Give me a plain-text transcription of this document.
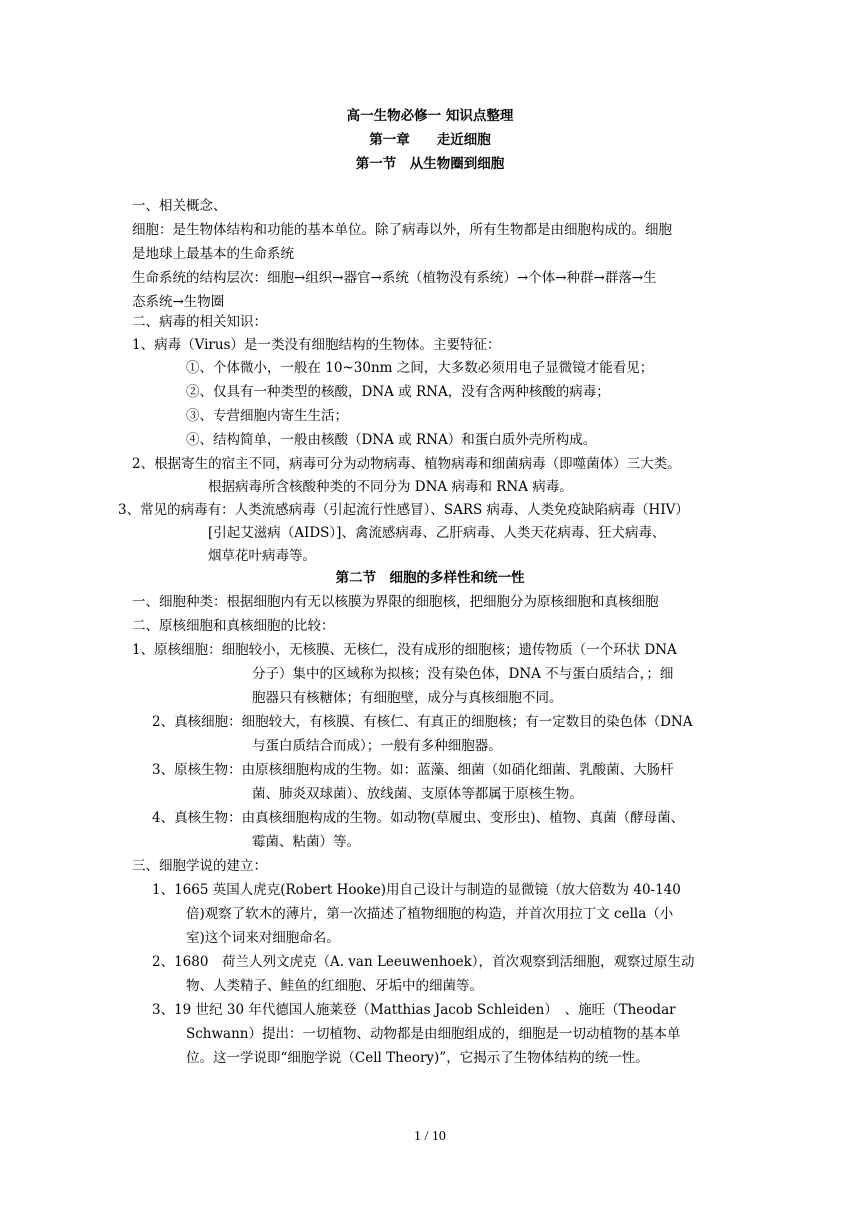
高一生物必修一 知识点整理
第一章　　走近细胞
第一节　从生物圈到细胞
一、相关概念、
细胞：是生物体结构和功能的基本单位。除了病毒以外，所有生物都是由细胞构成的。细胞
是地球上最基本的生命系统
生命系统的结构层次：细胞→组织→器官→系统（植物没有系统）→个体→种群→群落→生
态系统→生物圈
二、病毒的相关知识：
1、病毒（Virus）是一类没有细胞结构的生物体。主要特征：
①、个体微小，一般在 10~30nm 之间，大多数必须用电子显微镜才能看见；
②、仅具有一种类型的核酸，DNA 或 RNA，没有含两种核酸的病毒；
③、专营细胞内寄生生活；
④、结构简单，一般由核酸（DNA 或 RNA）和蛋白质外壳所构成。
2、根据寄生的宿主不同，病毒可分为动物病毒、植物病毒和细菌病毒（即噬菌体）三大类。
根据病毒所含核酸种类的不同分为 DNA 病毒和 RNA 病毒。
3、常见的病毒有：人类流感病毒（引起流行性感冒）、SARS 病毒、人类免疫缺陷病毒（HIV）
[引起艾滋病（AIDS）]、禽流感病毒、乙肝病毒、人类天花病毒、狂犬病毒、
烟草花叶病毒等。
第二节　细胞的多样性和统一性
一、细胞种类：根据细胞内有无以核膜为界限的细胞核，把细胞分为原核细胞和真核细胞
二、原核细胞和真核细胞的比较：
1、原核细胞：细胞较小，无核膜、无核仁，没有成形的细胞核；遗传物质（一个环状 DNA
分子）集中的区域称为拟核；没有染色体，DNA 不与蛋白质结合，；细
胞器只有核糖体；有细胞壁，成分与真核细胞不同。
2、真核细胞：细胞较大，有核膜、有核仁、有真正的细胞核；有一定数目的染色体（DNA
与蛋白质结合而成）；一般有多种细胞器。
3、原核生物：由原核细胞构成的生物。如：蓝藻、细菌（如硝化细菌、乳酸菌、大肠杆
菌、肺炎双球菌）、放线菌、支原体等都属于原核生物。
4、真核生物：由真核细胞构成的生物。如动物(草履虫、变形虫)、植物、真菌（酵母菌、
霉菌、粘菌）等。
三、细胞学说的建立：
1、1665 英国人虎克(Robert Hooke)用自己设计与制造的显微镜（放大倍数为 40-140
倍)观察了软木的薄片，第一次描述了植物细胞的构造，并首次用拉丁文 cella（小
室)这个词来对细胞命名。
2、1680　荷兰人列文虎克（A. van Leeuwenhoek），首次观察到活细胞，观察过原生动
物、人类精子、鲑鱼的红细胞、牙垢中的细菌等。
3、19 世纪 30 年代德国人施莱登（Matthias Jacob Schleiden）　、施旺（Theodar
Schwann）提出：一切植物、动物都是由细胞组成的，细胞是一切动植物的基本单
位。这一学说即“细胞学说（Cell Theory)”，它揭示了生物体结构的统一性。
1 / 10
